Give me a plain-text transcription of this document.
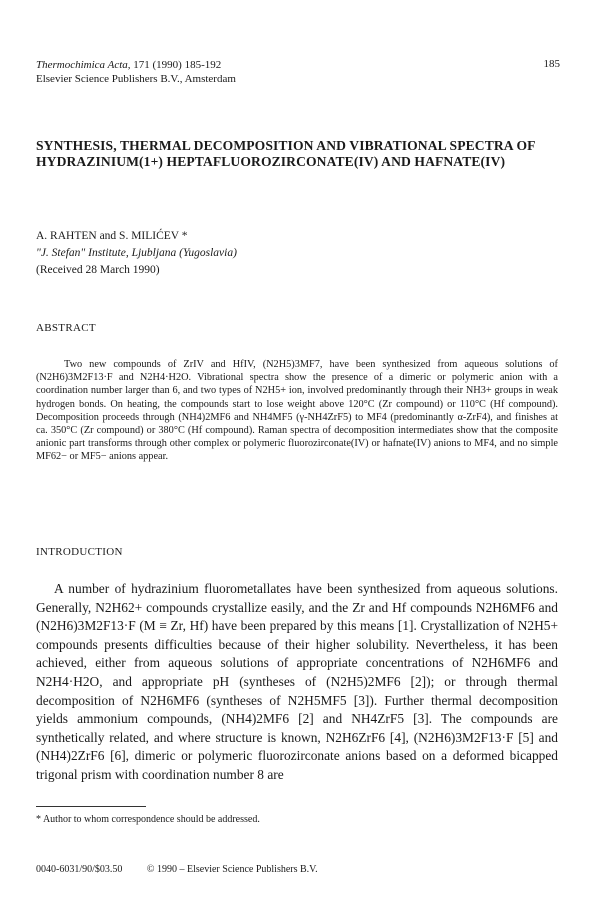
Thermochimica Acta, 171 (1990) 185-192
Elsevier Science Publishers B.V., Amsterdam
185
SYNTHESIS, THERMAL DECOMPOSITION AND VIBRATIONAL SPECTRA OF HYDRAZINIUM(1+) HEPTAFLUOROZIRCONATE(IV) AND HAFNATE(IV)
A. RAHTEN and S. MILIĆEV *
"J. Stefan" Institute, Ljubljana (Yugoslavia)
(Received 28 March 1990)
ABSTRACT
Two new compounds of ZrIV and HfIV, (N2H5)3MF7, have been synthesized from aqueous solutions of (N2H6)3M2F13·F and N2H4·H2O. Vibrational spectra show the presence of a dimeric or polymeric anion with a coordination number larger than 6, and two types of N2H5+ ion, involved predominantly through their NH3+ groups in weak hydrogen bonds. On heating, the compounds start to lose weight above 120°C (Zr compound) or 110°C (Hf compound). Decomposition proceeds through (NH4)2MF6 and NH4MF5 (γ-NH4ZrF5) to MF4 (predominantly α-ZrF4), and finishes at ca. 350°C (Zr compound) or 380°C (Hf compound). Raman spectra of decomposition intermediates show that the composite anionic part transforms through other complex or polymeric fluorozirconate(IV) or hafnate(IV) anions to MF4, and no simple MF62− or MF5− anions appear.
INTRODUCTION
A number of hydrazinium fluorometallates have been synthesized from aqueous solutions. Generally, N2H62+ compounds crystallize easily, and the Zr and Hf compounds N2H6MF6 and (N2H6)3M2F13·F (M ≡ Zr, Hf) have been prepared by this means [1]. Crystallization of N2H5+ compounds presents difficulties because of their higher solubility. Nevertheless, it has been achieved, either from aqueous solutions of appropriate concentrations of N2H6MF6 and N2H4·H2O, and appropriate pH (syntheses of (N2H5)2MF6 [2]); or through thermal decomposition of N2H6MF6 (syntheses of N2H5MF5 [3]). Further thermal decomposition yields ammonium compounds, (NH4)2MF6 [2] and NH4ZrF5 [3]. The compounds are synthetically related, and where structure is known, N2H6ZrF6 [4], (N2H6)3M2F13·F [5] and (NH4)2ZrF6 [6], dimeric or polymeric fluorozirconate anions based on a deformed bicapped trigonal prism with coordination number 8 are
* Author to whom correspondence should be addressed.
0040-6031/90/$03.50 © 1990 – Elsevier Science Publishers B.V.
